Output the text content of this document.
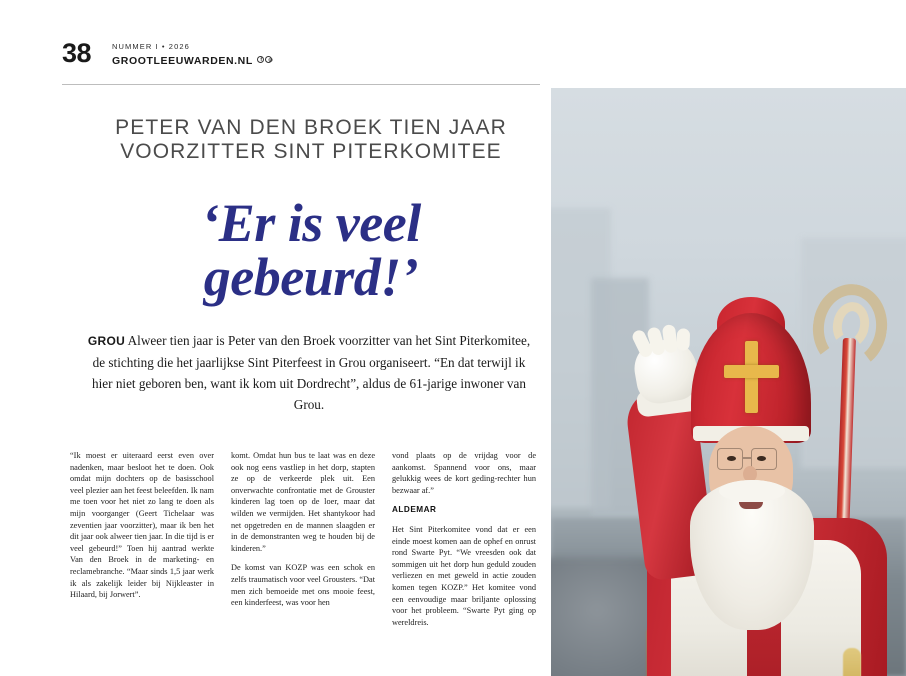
38	NUMMER I • 2026
GROOTLEEUWARDEN.NL f ◎
PETER VAN DEN BROEK TIEN JAAR
VOORZITTER SINT PITERKOMITEE
‘Er is veel
gebeurd!’
GROU Alweer tien jaar is Peter van den Broek voorzitter van het Sint Piterkomitee, de stichting die het jaarlijkse Sint Piterfeest in Grou organiseert. “En dat terwijl ik hier niet geboren ben, want ik kom uit Dordrecht”, aldus de 61-jarige inwoner van Grou.

“Ik moest er uiteraard eerst even over nadenken, maar besloot het te doen. Ook omdat mijn dochters op de basisschool veel plezier aan het feest beleefden. Ik nam me toen voor het niet zo lang te doen als mijn voorganger (Geert Tichelaar was zeventien jaar voorzitter), maar ik ben het dit jaar ook alweer tien jaar. In die tijd is er veel gebeurd!” Toen hij aantrad werkte Van den Broek in de marketing- en reclamebranche. “Maar sinds 1,5 jaar werk ik als zakelijk leider bij Nijkleaster in Hilaard, bij Jorwert”.

komt. Omdat hun bus te laat was en deze ook nog eens vastliep in het dorp, stapten ze op de verkeerde plek uit. Een onverwachte confrontatie met de Grouster kinderen lag toen op de loer, maar dat wilden we vermijden. Het shantykoor had net opgetreden en de mannen slaagden er in de demonstranten weg te houden bij de kinderen.”

De komst van KOZP was een schok en zelfs traumatisch voor veel Grousters. “Dat men zich bemoeide met ons mooie feest, een kinderfeest, was voor hen

vond plaats op de vrijdag voor de aankomst. Spannend voor ons, maar gelukkig wees de kort geding-rechter hun bezwaar af.”

ALDEMAR

Het Sint Piterkomitee vond dat er een einde moest komen aan de ophef en onrust rond Swarte Pyt. “We vreesden ook dat sommigen uit het dorp hun geduld zouden verliezen en met geweld in actie zouden komen tegen KOZP.” Het komitee vond een eenvoudige maar briljante oplossing voor het probleem. “Swarte Pyt ging op wereldreis.
